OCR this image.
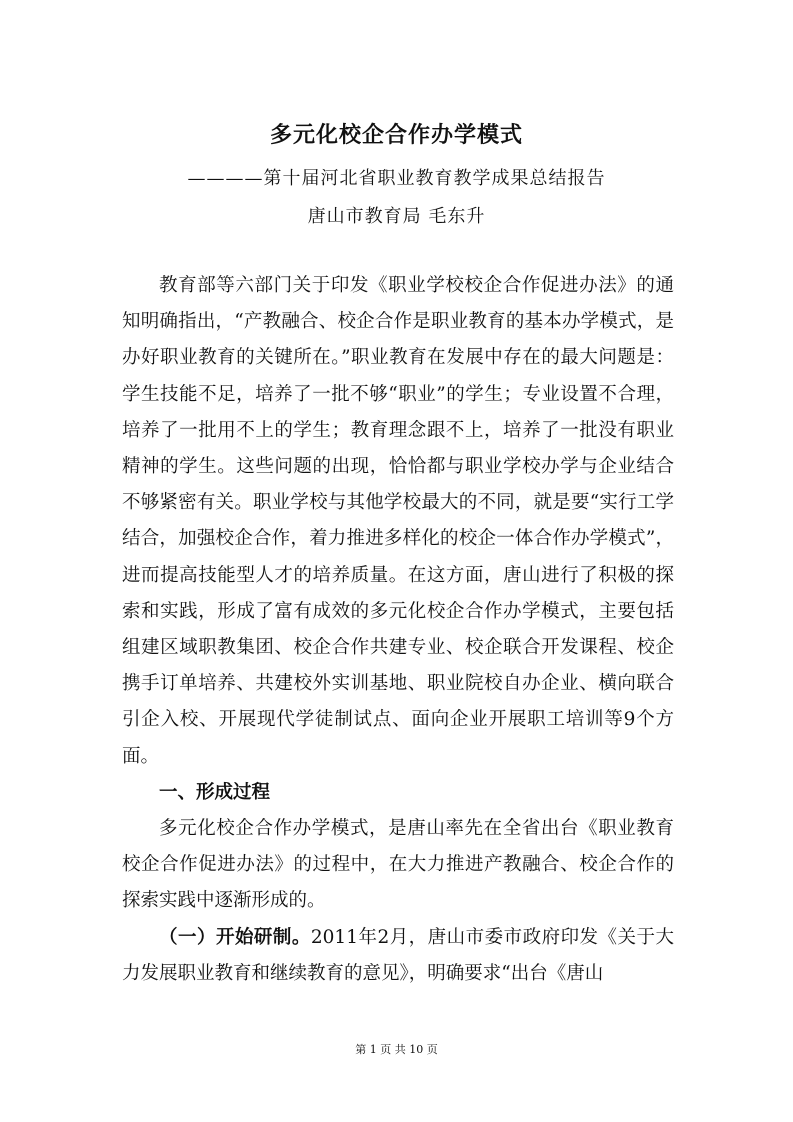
多元化校企合作办学模式
————第十届河北省职业教育教学成果总结报告
唐山市教育局 毛东升

教育部等六部门关于印发《职业学校校企合作促进办法》的通知明确指出，“产教融合、校企合作是职业教育的基本办学模式，是办好职业教育的关键所在。”职业教育在发展中存在的最大问题是：学生技能不足，培养了一批不够“职业”的学生；专业设置不合理，培养了一批用不上的学生；教育理念跟不上，培养了一批没有职业精神的学生。这些问题的出现，恰恰都与职业学校办学与企业结合不够紧密有关。职业学校与其他学校最大的不同，就是要“实行工学结合，加强校企合作，着力推进多样化的校企一体合作办学模式”，进而提高技能型人才的培养质量。在这方面，唐山进行了积极的探索和实践，形成了富有成效的多元化校企合作办学模式，主要包括组建区域职教集团、校企合作共建专业、校企联合开发课程、校企携手订单培养、共建校外实训基地、职业院校自办企业、横向联合引企入校、开展现代学徒制试点、面向企业开展职工培训等9个方面。

一、形成过程

多元化校企合作办学模式，是唐山率先在全省出台《职业教育校企合作促进办法》的过程中，在大力推进产教融合、校企合作的探索实践中逐渐形成的。

（一）开始研制。2011年2月，唐山市委市政府印发《关于大力发展职业教育和继续教育的意见》，明确要求“出台《唐山

第 1 页 共 10 页
